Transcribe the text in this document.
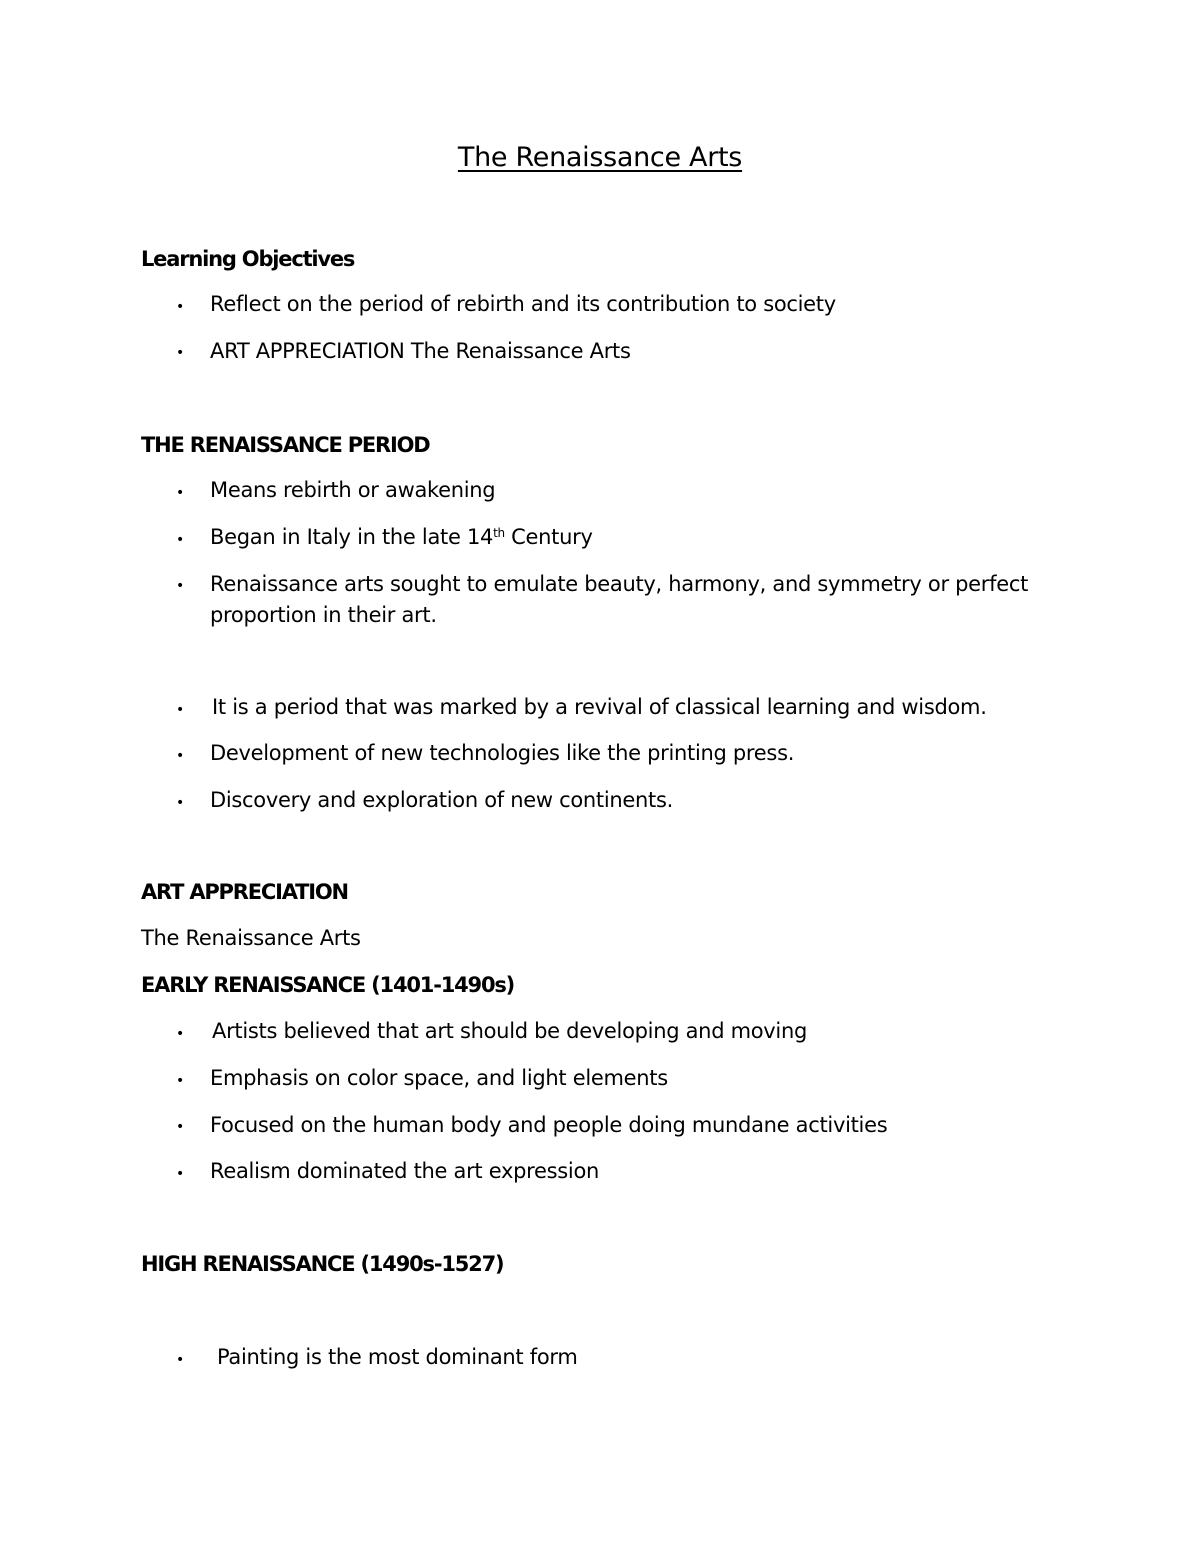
The Renaissance Arts
Learning Objectives
• Reflect on the period of rebirth and its contribution to society
• ART APPRECIATION The Renaissance Arts
THE RENAISSANCE PERIOD
• Means rebirth or awakening
• Began in Italy in the late 14th Century
• Renaissance arts sought to emulate beauty, harmony, and symmetry or perfect proportion in their art.
• It is a period that was marked by a revival of classical learning and wisdom.
• Development of new technologies like the printing press.
• Discovery and exploration of new continents.
ART APPRECIATION
The Renaissance Arts
EARLY RENAISSANCE (1401-1490s)
• Artists believed that art should be developing and moving
• Emphasis on color space, and light elements
• Focused on the human body and people doing mundane activities
• Realism dominated the art expression
HIGH RENAISSANCE (1490s-1527)
• Painting is the most dominant form
